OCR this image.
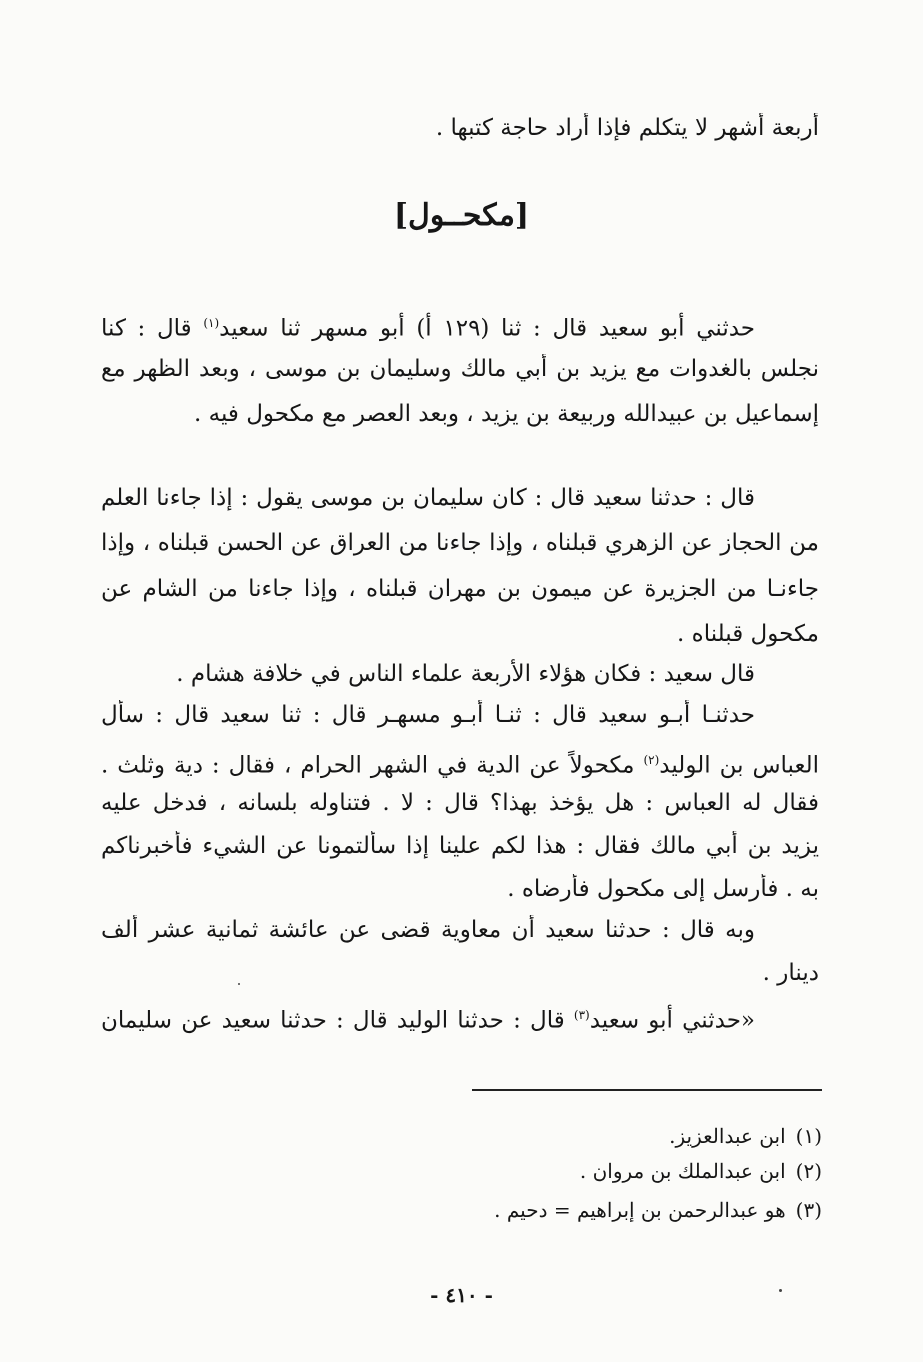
أربعة أشهر لا يتكلم فإذا أراد حاجة كتبها .
[مكحــول]
حدثني أبو سعيد قال : ثنا (١٢٩ أ) أبو مسهر ثنا سعيد$^{(١)}$ قال : كنا
نجلس بالغدوات مع يزيد بن أبي مالك وسليمان بن موسى ، وبعد الظهر مع
إسماعيل بن عبيدالله وربيعة بن يزيد ، وبعد العصر مع مكحول فيه .
قال : حدثنا سعيد قال : كان سليمان بن موسى يقول : إذا جاءنا العلم
من الحجاز عن الزهري قبلناه ، وإذا جاءنا من العراق عن الحسن قبلناه ، وإذا
جاءنـا من الجزيرة عن ميمون بن مهران قبلناه ، وإذا جاءنا من الشام عن
مكحول قبلناه .
قال سعيد : فكان هؤلاء الأربعة علماء الناس في خلافة هشام .
حدثنـا أبـو سعيد قال : ثنـا أبـو مسهـر قال : ثنا سعيد قال : سأل
العباس بن الوليد$^{(٢)}$ مكحولاً عن الدية في الشهر الحرام ، فقال : دية وثلث .
فقال له العباس : هل يؤخذ بهذا؟ قال : لا . فتناوله بلسانه ، فدخل عليه
يزيد بن أبي مالك فقال : هذا لكم علينا إذا سألتمونا عن الشيء فأخبرناكم
به . فأرسل إلى مكحول فأرضاه .
وبه قال : حدثنا سعيد أن معاوية قضى عن عائشة ثمانية عشر ألف
دينار .
«حدثني أبو سعيد$^{(٣)}$ قال : حدثنا الوليد قال : حدثنا سعيد عن سليمان
(١)ابن عبدالعزيز.
(٢)ابن عبدالملك بن مروان .
(٣)هو عبدالرحمن بن إبراهيم = دحيم .
- ٤١٠ -
